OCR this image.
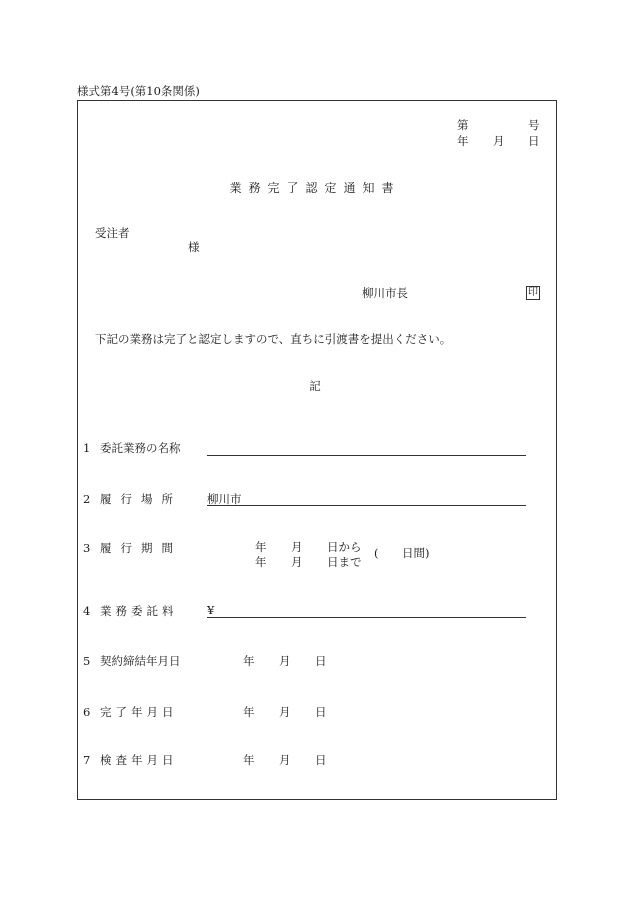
様式第4号(第10条関係)
第	号
年 月 日
業務完了認定通知書
受注者
様
柳川市長	印
下記の業務は完了と認定しますので、直ちに引渡書を提出ください。
記
1 委託業務の名称
2 履行場所 柳川市
3 履行期間	年 月 日から
年 月 日まで
( 日間)
4 業務委託料	¥
5 契約締結年月日	年 月 日
6 完了年月日	年 月 日
7 検査年月日	年 月 日
